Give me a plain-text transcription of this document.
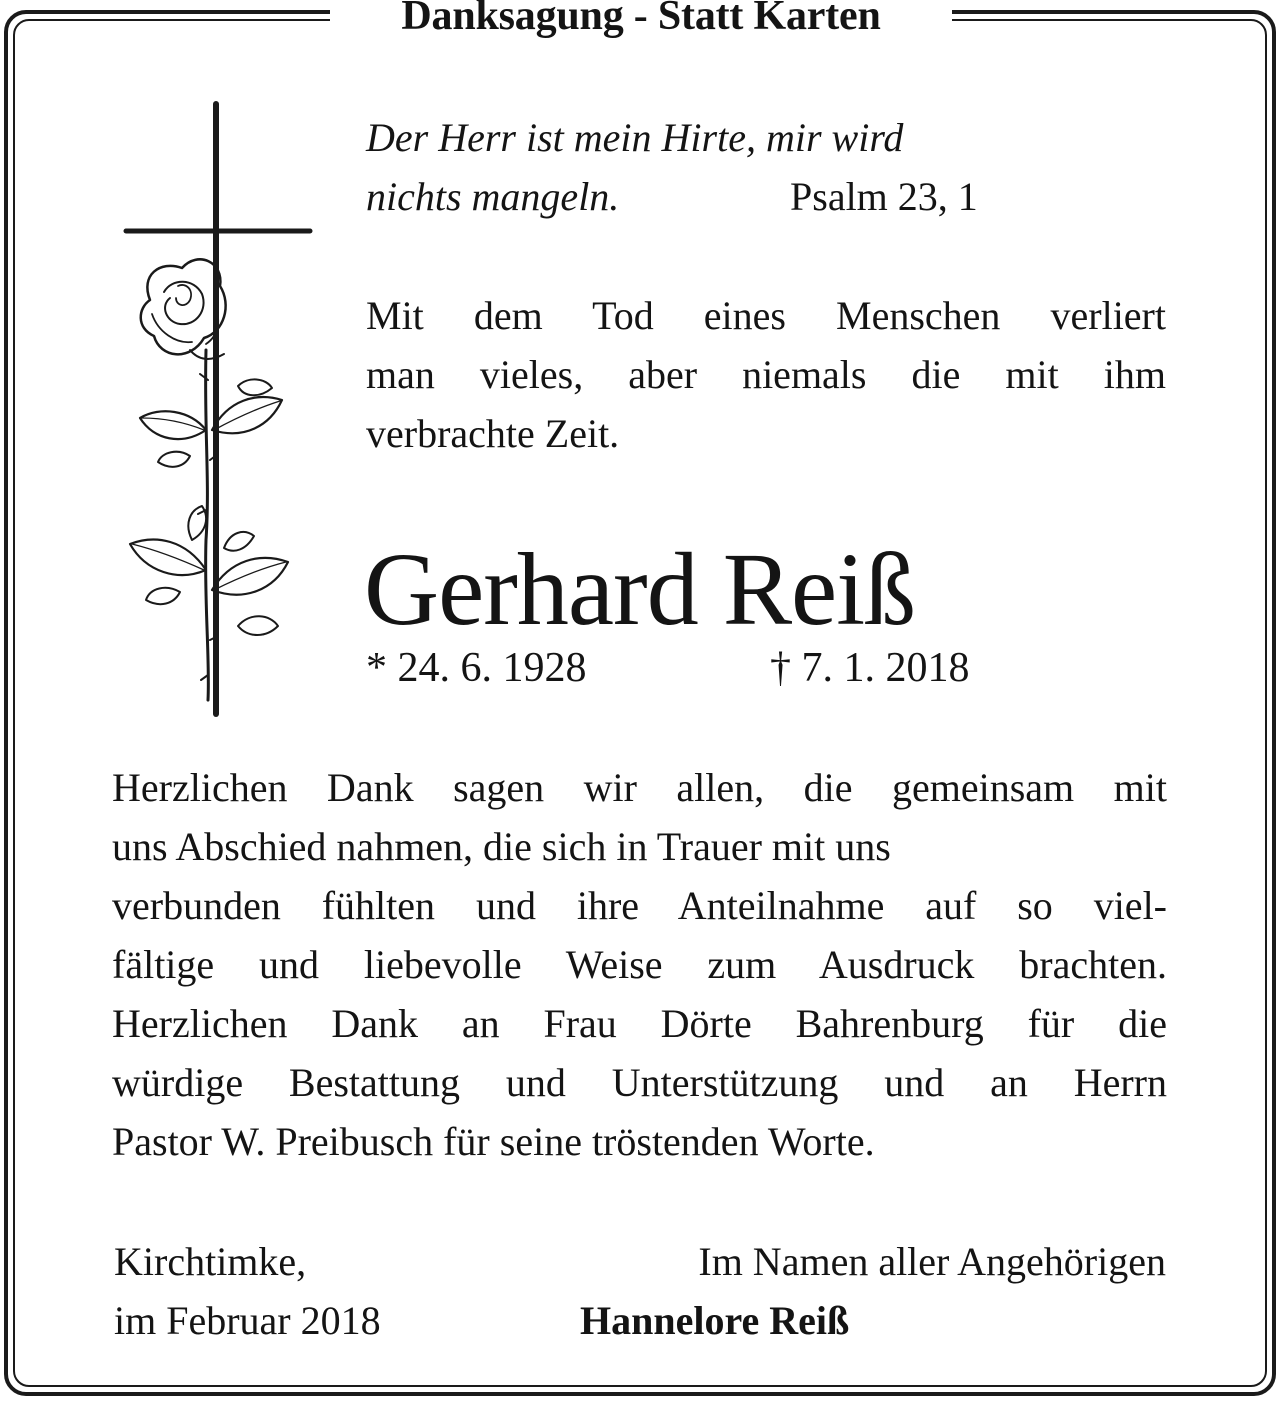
Danksagung - Statt Karten
Der Herr ist mein Hirte, mir wird
nichts mangeln.	Psalm 23, 1
Mit dem Tod eines Menschen verliert
man vieles, aber niemals die mit ihm
verbrachte Zeit.
Gerhard Reiß
* 24. 6. 1928	† 7. 1. 2018
Herzlichen Dank sagen wir allen, die gemeinsam mit
uns Abschied nahmen, die sich in Trauer mit uns
verbunden fühlten und ihre Anteilnahme auf so viel-
fältige und liebevolle Weise zum Ausdruck brachten.
Herzlichen Dank an Frau Dörte Bahrenburg für die
würdige Bestattung und Unterstützung und an Herrn
Pastor W. Preibusch für seine tröstenden Worte.
Kirchtimke,
im Februar 2018
Im Namen aller Angehörigen
Hannelore Reiß
